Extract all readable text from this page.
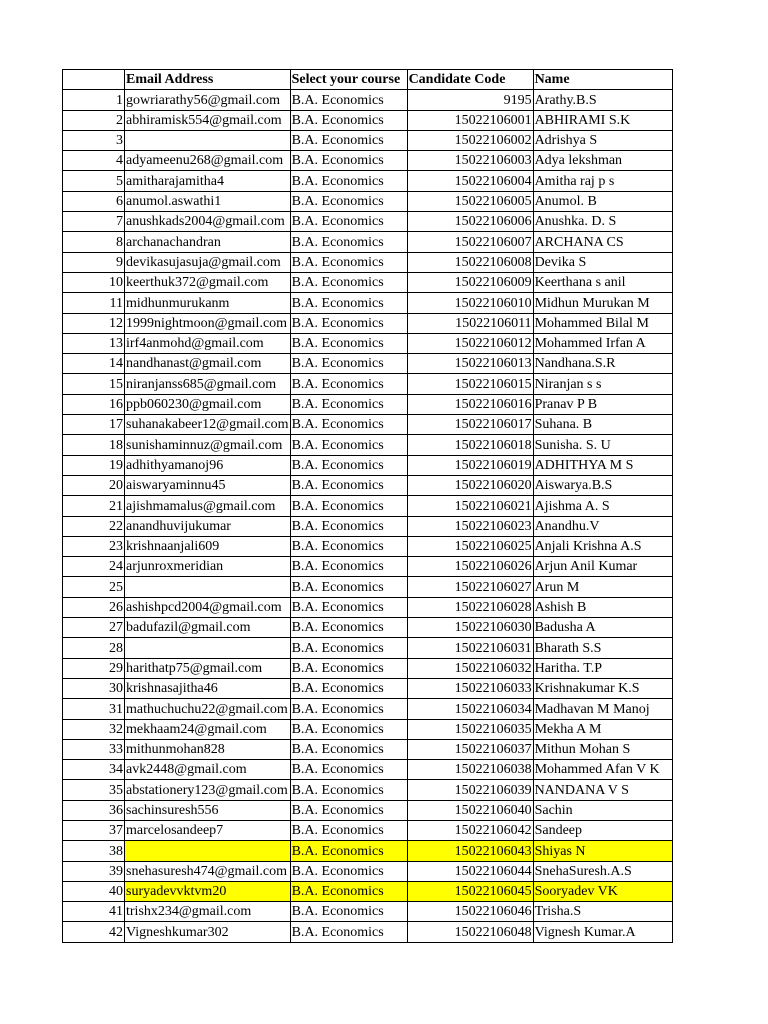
	Email Address	Select your course	Candidate Code	Name
1	gowriarathy56@gmail.com	B.A. Economics	9195	Arathy.B.S
2	abhiramisk554@gmail.com	B.A. Economics	15022106001	ABHIRAMI S.K
3		B.A. Economics	15022106002	Adrishya S
4	adyameenu268@gmail.com	B.A. Economics	15022106003	Adya lekshman
5	amitharajamitha4	B.A. Economics	15022106004	Amitha raj p s
6	anumol.aswathi1	B.A. Economics	15022106005	Anumol. B
7	anushkads2004@gmail.com	B.A. Economics	15022106006	Anushka. D. S
8	archanachandran	B.A. Economics	15022106007	ARCHANA CS
9	devikasujasuja@gmail.com	B.A. Economics	15022106008	Devika S
10	keerthuk372@gmail.com	B.A. Economics	15022106009	Keerthana s anil
11	midhunmurukanm	B.A. Economics	15022106010	Midhun Murukan M
12	1999nightmoon@gmail.com	B.A. Economics	15022106011	Mohammed Bilal M
13	irf4anmohd@gmail.com	B.A. Economics	15022106012	Mohammed Irfan A
14	nandhanast@gmail.com	B.A. Economics	15022106013	Nandhana.S.R
15	niranjanss685@gmail.com	B.A. Economics	15022106015	Niranjan s s
16	ppb060230@gmail.com	B.A. Economics	15022106016	Pranav P B
17	suhanakabeer12@gmail.com	B.A. Economics	15022106017	Suhana. B
18	sunishaminnuz@gmail.com	B.A. Economics	15022106018	Sunisha. S. U
19	adhithyamanoj96	B.A. Economics	15022106019	ADHITHYA M S
20	aiswaryaminnu45	B.A. Economics	15022106020	Aiswarya.B.S
21	ajishmamalus@gmail.com	B.A. Economics	15022106021	Ajishma A. S
22	anandhuvijukumar	B.A. Economics	15022106023	Anandhu.V
23	krishnaanjali609	B.A. Economics	15022106025	Anjali Krishna A.S
24	arjunroxmeridian	B.A. Economics	15022106026	Arjun Anil Kumar
25		B.A. Economics	15022106027	Arun M
26	ashishpcd2004@gmail.com	B.A. Economics	15022106028	Ashish B
27	badufazil@gmail.com	B.A. Economics	15022106030	Badusha A
28		B.A. Economics	15022106031	Bharath S.S
29	harithatp75@gmail.com	B.A. Economics	15022106032	Haritha. T.P
30	krishnasajitha46	B.A. Economics	15022106033	Krishnakumar K.S
31	mathuchuchu22@gmail.com	B.A. Economics	15022106034	Madhavan M Manoj
32	mekhaam24@gmail.com	B.A. Economics	15022106035	Mekha A M
33	mithunmohan828	B.A. Economics	15022106037	Mithun Mohan S
34	avk2448@gmail.com	B.A. Economics	15022106038	Mohammed Afan V K
35	abstationery123@gmail.com	B.A. Economics	15022106039	NANDANA V S
36	sachinsuresh556	B.A. Economics	15022106040	Sachin
37	marcelosandeep7	B.A. Economics	15022106042	Sandeep
38		B.A. Economics	15022106043	Shiyas N
39	snehasuresh474@gmail.com	B.A. Economics	15022106044	SnehaSuresh.A.S
40	suryadevvktvm20	B.A. Economics	15022106045	Sooryadev VK
41	trishx234@gmail.com	B.A. Economics	15022106046	Trisha.S
42	Vigneshkumar302	B.A. Economics	15022106048	Vignesh Kumar.A
